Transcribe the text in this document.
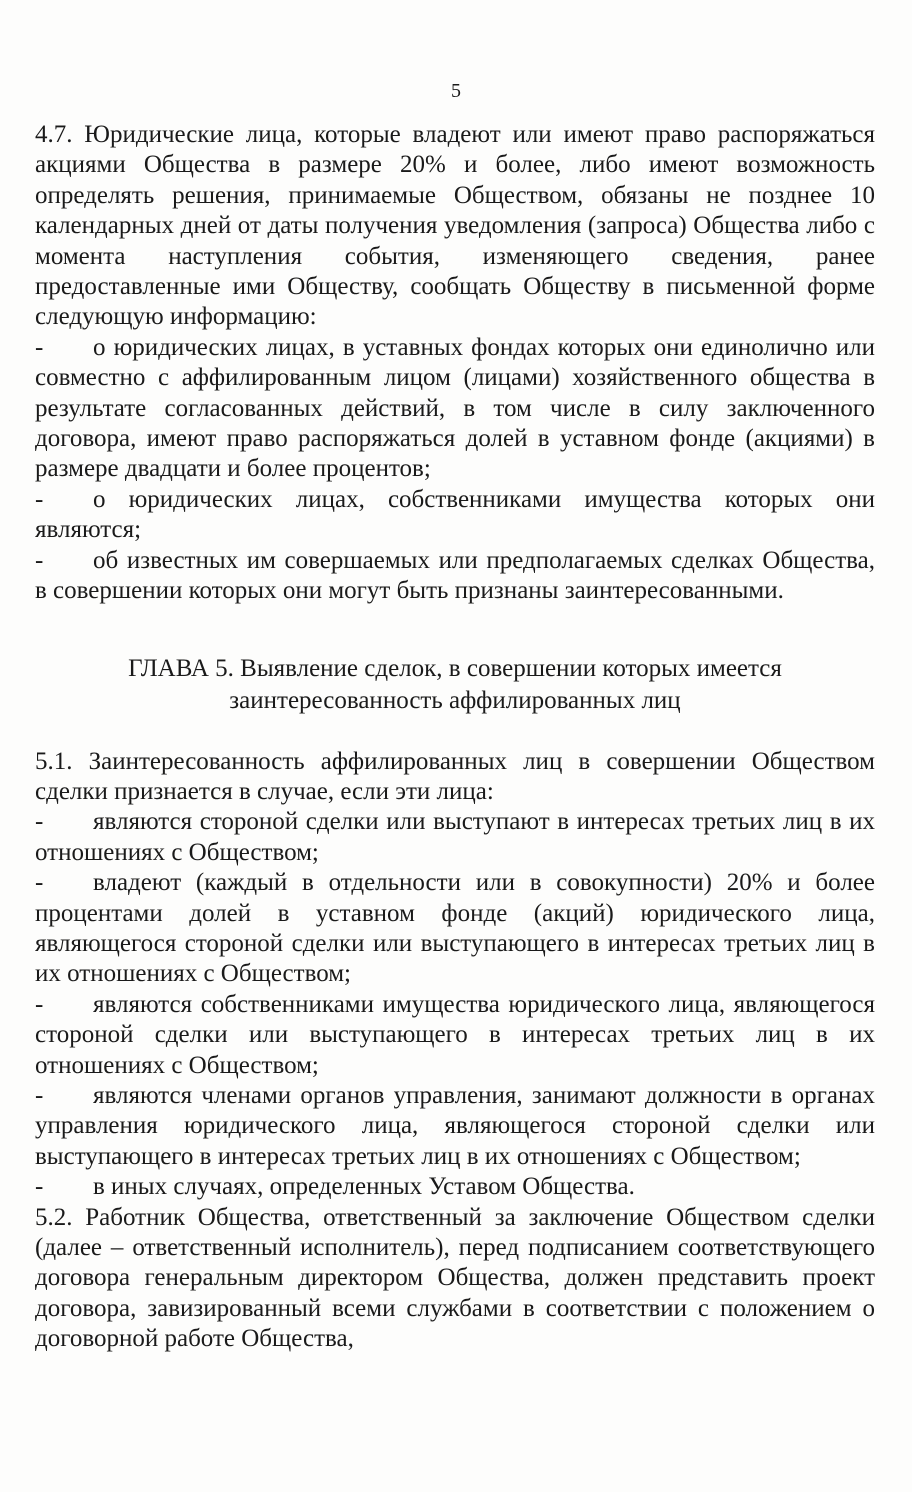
5

4.7. Юридические лица, которые владеют или имеют право распоряжаться акциями Общества в размере 20% и более, либо имеют возможность определять решения, принимаемые Обществом, обязаны не позднее 10 календарных дней от даты получения уведомления (запроса) Общества либо с момента наступления события, изменяющего сведения, ранее предоставленные ими Обществу, сообщать Обществу в письменной форме следующую информацию:

- о юридических лицах, в уставных фондах которых они единолично или совместно с аффилированным лицом (лицами) хозяйственного общества в результате согласованных действий, в том числе в силу заключенного договора, имеют право распоряжаться долей в уставном фонде (акциями) в размере двадцати и более процентов;

- о юридических лицах, собственниками имущества которых они являются;

- об известных им совершаемых или предполагаемых сделках Общества, в совершении которых они могут быть признаны заинтересованными.

ГЛАВА 5. Выявление сделок, в совершении которых имеется

заинтересованность аффилированных лиц

5.1. Заинтересованность аффилированных лиц в совершении Обществом сделки признается в случае, если эти лица:

- являются стороной сделки или выступают в интересах третьих лиц в их отношениях с Обществом;

- владеют (каждый в отдельности или в совокупности) 20% и более процентами долей в уставном фонде (акций) юридического лица, являющегося стороной сделки или выступающего в интересах третьих лиц в их отношениях с Обществом;

- являются собственниками имущества юридического лица, являющегося стороной сделки или выступающего в интересах третьих лиц в их отношениях с Обществом;

- являются членами органов управления, занимают должности в органах управления юридического лица, являющегося стороной сделки или выступающего в интересах третьих лиц в их отношениях с Обществом;

- в иных случаях, определенных Уставом Общества.

5.2. Работник Общества, ответственный за заключение Обществом сделки (далее – ответственный исполнитель), перед подписанием соответствующего договора генеральным директором Общества, должен представить проект договора, завизированный всеми службами в соответствии с положением о договорной работе Общества,
